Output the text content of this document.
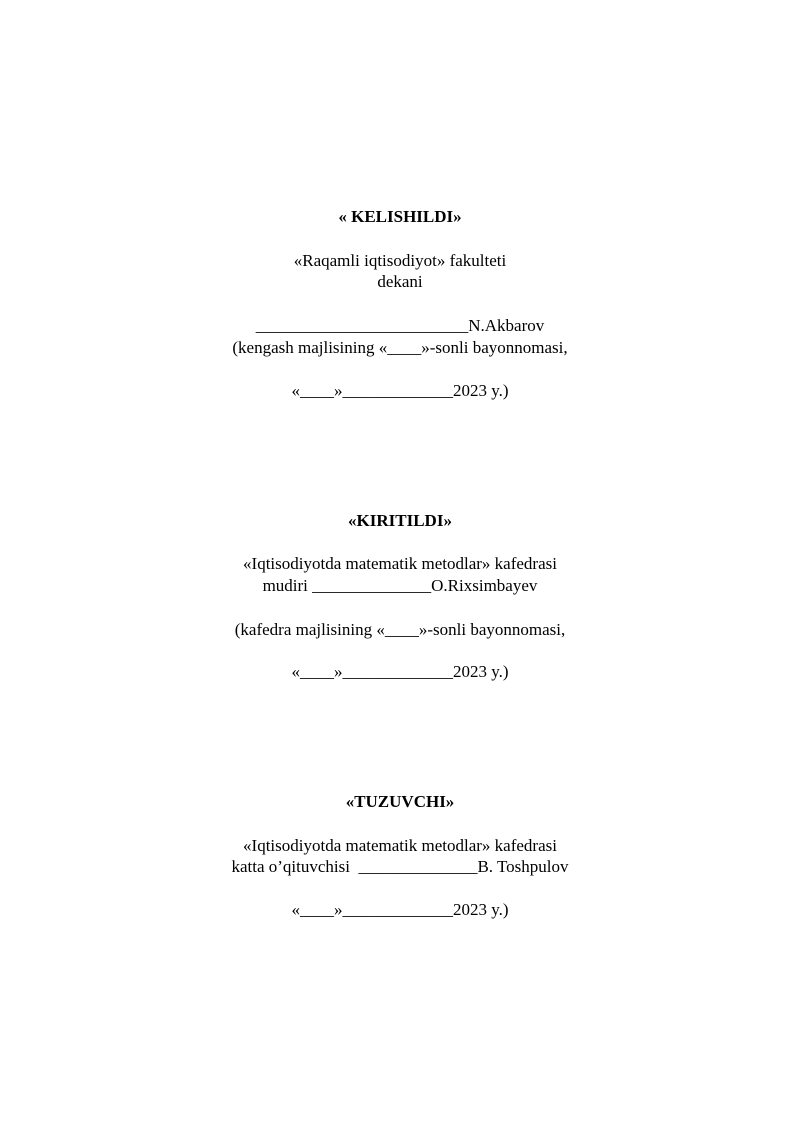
« KELISHILDI»
«Raqamli iqtisodiyot» fakulteti
dekani
_________________________N.Akbarov
(kengash majlisining «____»-sonli bayonnomasi,
«____»_____________2023 y.)
«KIRITILDI»
«Iqtisodiyotda matematik metodlar» kafedrasi
mudiri ______________O.Rixsimbayev
(kafedra majlisining «____»-sonli bayonnomasi,
«____»_____________2023 y.)
«TUZUVCHI»
«Iqtisodiyotda matematik metodlar» kafedrasi
katta o’qituvchisi  ______________B. Toshpulov
«____»_____________2023 y.)
